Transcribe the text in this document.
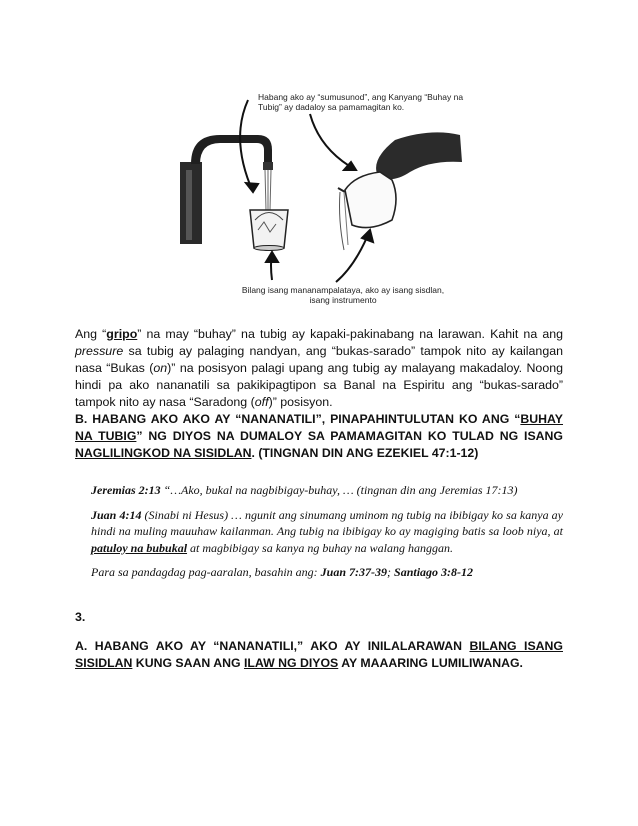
Habang ako ay “sumusunod”, ang Kanyang “Buhay na
Tubig” ay dadaloy sa pamamagitan ko.
Bilang isang mananampalataya, ako ay isang sisdlan,
isang instrumento
Ang “gripo” na may “buhay” na tubig ay kapaki-pakinabang na larawan. Kahit na ang pressure sa tubig ay palaging nandyan, ang “bukas-sarado” tampok nito ay kailangan nasa “Bukas (on)” na posisyon palagi upang ang tubig ay malayang makadaloy. Noong hindi pa ako nananatili sa pakikipagtipon sa Banal na Espiritu ang “bukas-sarado” tampok nito ay nasa “Saradong (off)” posisyon.
B. HABANG AKO AKO AY “NANANATILI”, PINAPAHINTULUTAN KO ANG “BUHAY NA TUBIG” NG DIYOS NA DUMALOY SA PAMAMAGITAN KO TULAD NG ISANG NAGLILINGKOD NA SISIDLAN. (TINGNAN DIN ANG EZEKIEL 47:1-12)

Jeremias 2:13 “…Ako, bukal na nagbibigay-buhay, … (tingnan din ang Jeremias 17:13)

Juan 4:14 (Sinabi ni Hesus) … ngunit ang sinumang uminom ng tubig na ibibigay ko sa kanya ay hindi na muling mauuhaw kailanman. Ang tubig na ibibigay ko ay magiging batis sa loob niya, at patuloy na bubukal at magbibigay sa kanya ng buhay na walang hanggan.

Para sa pandagdag pag-aaralan, basahin ang: Juan 7:37-39; Santiago 3:8-12

3.
A. HABANG AKO AY “NANANATILI,” AKO AY INILALARAWAN BILANG ISANG SISIDLAN KUNG SAAN ANG ILAW NG DIYOS AY MAAARING LUMILIWANAG.
